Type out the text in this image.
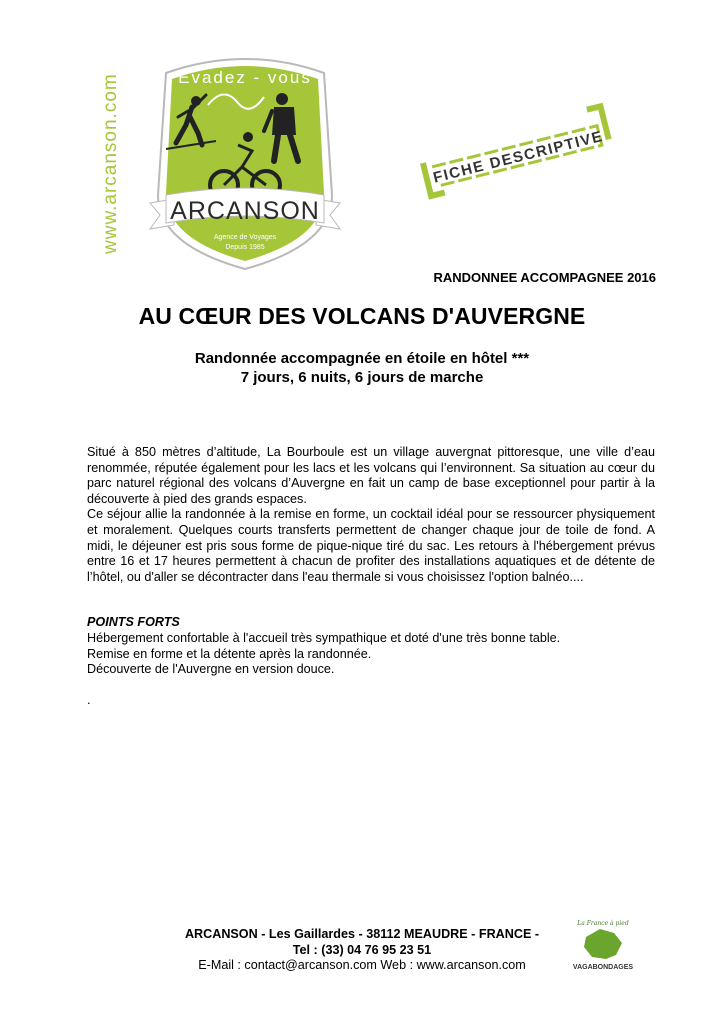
www.arcanson.com	Évadez - vous
ARCANSON
Agence de Voyages
Depuis 1985
FICHE DESCRIPTIVE
RANDONNEE ACCOMPAGNEE 2016
AU CŒUR DES VOLCANS D'AUVERGNE
Randonnée accompagnée en étoile en hôtel ***
7 jours, 6 nuits, 6 jours de marche

Situé à 850 mètres d’altitude, La Bourboule est un village auvergnat pittoresque, une ville d’eau renommée, réputée également pour les lacs et les volcans qui l’environnent. Sa situation au cœur du parc naturel régional des volcans d’Auvergne en fait un camp de base exceptionnel pour partir à la découverte à pied des grands espaces.

Ce séjour allie la randonnée à la remise en forme, un cocktail idéal pour se ressourcer physiquement et moralement. Quelques courts transferts permettent de changer chaque jour de toile de fond. A midi, le déjeuner est pris sous forme de pique-nique tiré du sac. Les retours à l'hébergement prévus entre 16 et 17 heures permettent à chacun de profiter des installations aquatiques et de détente de l’hôtel, ou d'aller se décontracter dans l'eau thermale si vous choisissez l'option balnéo....

POINTS FORTS
Hébergement confortable à l'accueil très sympathique et doté d'une très bonne table.
Remise en forme et la détente après la randonnée.
Découverte de l'Auvergne en version douce.
.
ARCANSON - Les Gaillardes - 38112 MEAUDRE - FRANCE -
Tel : (33) 04 76 95 23 51
E-Mail : contact@arcanson.com Web : www.arcanson.com
La France à pied
VAGABONDAGES
